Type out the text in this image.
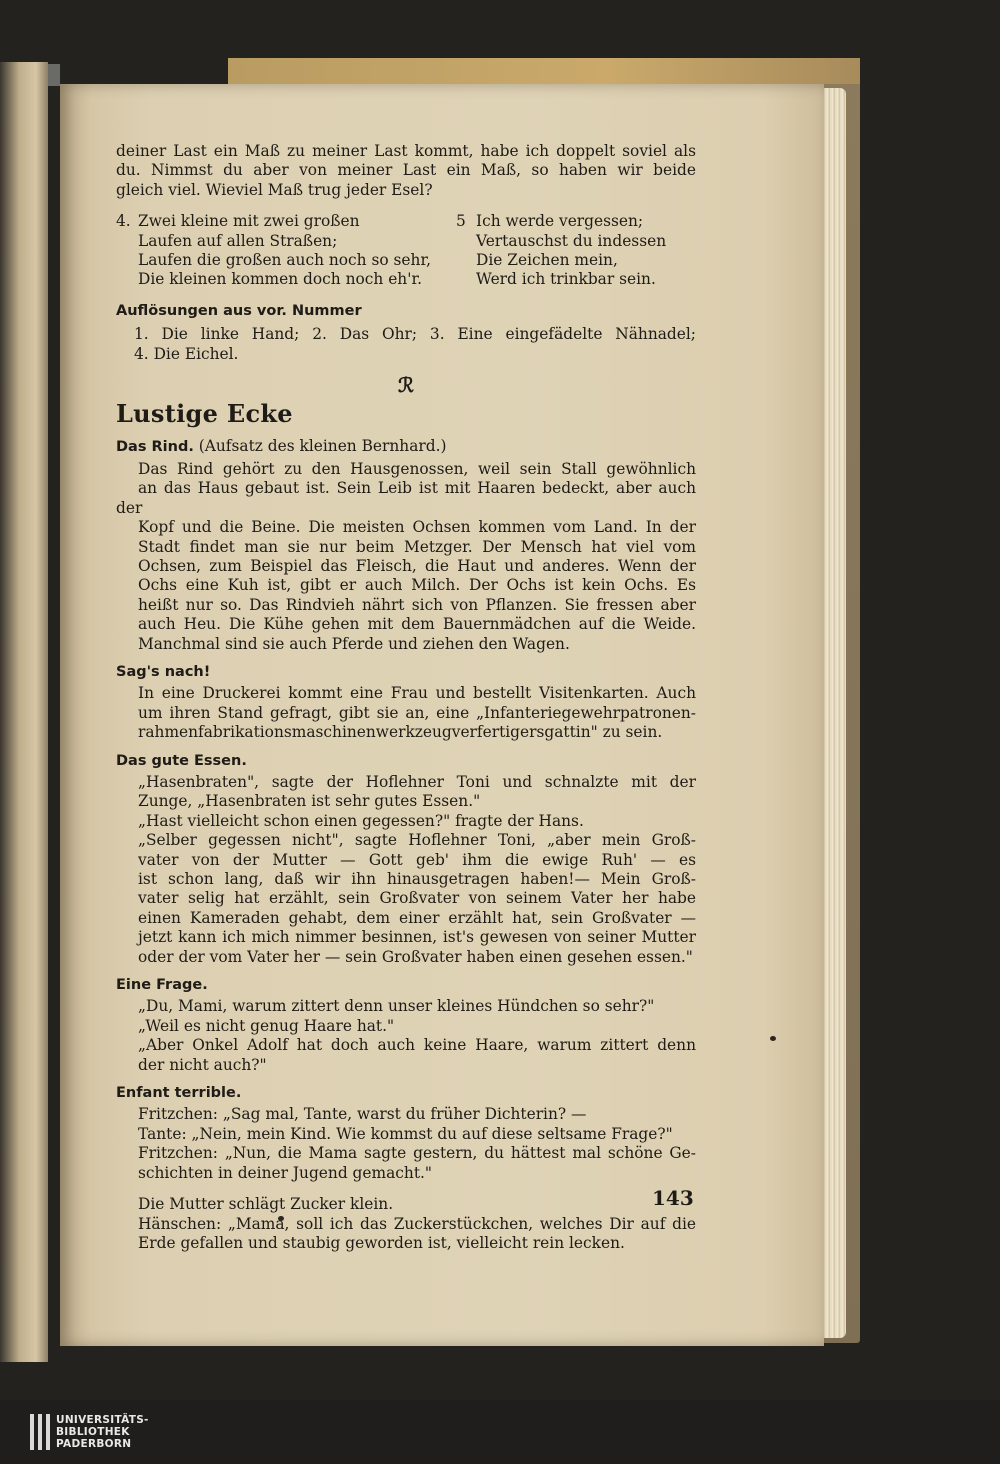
deiner Last ein Maß zu meiner Last kommt, habe ich doppelt soviel als
du. Nimmst du aber von meiner Last ein Maß, so haben wir beide
gleich viel. Wieviel Maß trug jeder Esel?

4. Zwei kleine mit zwei großen
Laufen auf allen Straßen;
Laufen die großen auch noch so sehr,
Die kleinen kommen doch noch eh'r.
5 Ich werde vergessen;
Vertauschst du indessen
Die Zeichen mein,
Werd ich trinkbar sein.
Auflösungen aus vor. Nummer

1. Die linke Hand; 2. Das Ohr; 3. Eine eingefädelte Nähnadel;
4. Die Eichel.

ℛ
Lustige Ecke
Das Rind. (Aufsatz des kleinen Bernhard.)

Das Rind gehört zu den Hausgenossen, weil sein Stall gewöhnlich
an das Haus gebaut ist. Sein Leib ist mit Haaren bedeckt, aber auch der
Kopf und die Beine. Die meisten Ochsen kommen vom Land. In der
Stadt findet man sie nur beim Metzger. Der Mensch hat viel vom
Ochsen, zum Beispiel das Fleisch, die Haut und anderes. Wenn der
Ochs eine Kuh ist, gibt er auch Milch. Der Ochs ist kein Ochs. Es
heißt nur so. Das Rindvieh nährt sich von Pflanzen. Sie fressen aber
auch Heu. Die Kühe gehen mit dem Bauernmädchen auf die Weide.
Manchmal sind sie auch Pferde und ziehen den Wagen.

Sag's nach!

In eine Druckerei kommt eine Frau und bestellt Visitenkarten. Auch
um ihren Stand gefragt, gibt sie an, eine „Infanteriegewehrpatronen-
rahmenfabrikationsmaschinenwerkzeugverfertigersgattin" zu sein.

Das gute Essen.

„Hasenbraten", sagte der Hoflehner Toni und schnalzte mit der
Zunge, „Hasenbraten ist sehr gutes Essen."

„Hast vielleicht schon einen gegessen?" fragte der Hans.

„Selber gegessen nicht", sagte Hoflehner Toni, „aber mein Groß-
vater von der Mutter — Gott geb' ihm die ewige Ruh' — es
ist schon lang, daß wir ihn hinausgetragen haben!— Mein Groß-
vater selig hat erzählt, sein Großvater von seinem Vater her habe
einen Kameraden gehabt, dem einer erzählt hat, sein Großvater —
jetzt kann ich mich nimmer besinnen, ist's gewesen von seiner Mutter
oder der vom Vater her — sein Großvater haben einen gesehen essen."

Eine Frage.

„Du, Mami, warum zittert denn unser kleines Hündchen so sehr?"

„Weil es nicht genug Haare hat."

„Aber Onkel Adolf hat doch auch keine Haare, warum zittert denn
der nicht auch?"

Enfant terrible.

Fritzchen: „Sag mal, Tante, warst du früher Dichterin? —

Tante: „Nein, mein Kind. Wie kommst du auf diese seltsame Frage?"

Fritzchen: „Nun, die Mama sagte gestern, du hättest mal schöne Ge-
schichten in deiner Jugend gemacht."

Die Mutter schlägt Zucker klein.

Hänschen: „Mama, soll ich das Zuckerstückchen, welches Dir auf die
Erde gefallen und staubig geworden ist, vielleicht rein lecken.

143
UNIVERSITÄTS-
BIBLIOTHEK
PADERBORN
